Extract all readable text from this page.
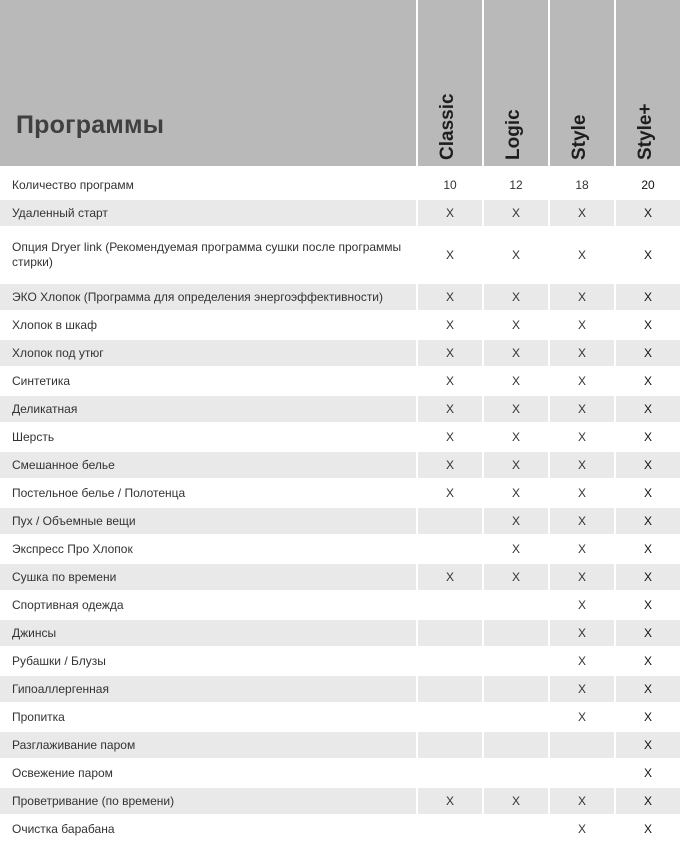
Программы	Classic	Logic	Style	Style+

Количество программ	10	12	18	20
Удаленный старт	X	X	X	X
Опция Dryer link (Рекомендуемая программа сушки после программы стирки)	X	X	X	X
ЭКО Хлопок (Программа для определения энергоэффективности)	X	X	X	X
Хлопок в шкаф	X	X	X	X
Хлопок под утюг	X	X	X	X
Синтетика	X	X	X	X
Деликатная	X	X	X	X
Шерсть	X	X	X	X
Смешанное белье	X	X	X	X
Постельное белье / Полотенца	X	X	X	X
Пух / Объемные вещи		X	X	X
Экспресс Про Хлопок		X	X	X
Сушка по времени	X	X	X	X
Спортивная одежда			X	X
Джинсы			X	X
Рубашки / Блузы			X	X
Гипоаллергенная			X	X
Пропитка			X	X
Разглаживание паром				X
Освежение паром				X
Проветривание (по времени)	X	X	X	X
Очистка барабана			X	X
